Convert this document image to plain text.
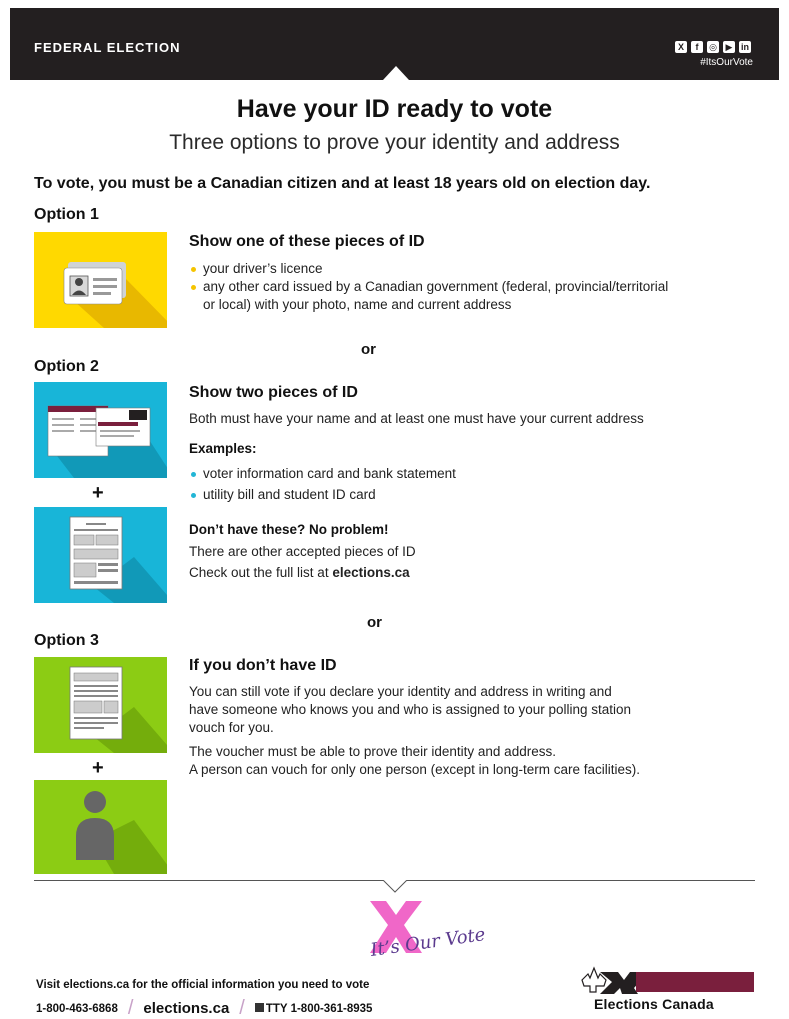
FEDERAL ELECTION	X	f	◎ ▶ in
#ItsOurVote
Have your ID ready to vote
Three options to prove your identity and address
To vote, you must be a Canadian citizen and at least 18 years old on election day.
Option 1
Show one of these pieces of ID
your driver’s licence
any other card issued by a Canadian government (federal, provincial/territorial
or local) with your photo, name and current address
or
Option 2
+
Show two pieces of ID
Both must have your name and at least one must have your current address
Examples:
voter information card and bank statement
utility bill and student ID card
Don’t have these? No problem!
There are other accepted pieces of ID
Check out the full list at elections.ca
or
Option 3
+
If you don’t have ID
You can still vote if you declare your identity and address in writing and
have someone who knows you and who is assigned to your polling station
vouch for you.
The voucher must be able to prove their identity and address.
A person can vouch for only one person (except in long-term care facilities).
It’s Our Vote
Visit elections.ca for the official information you need to vote
1-800-463-6868 / elections.ca /	TTY 1-800-361-8935	Elections Canada
